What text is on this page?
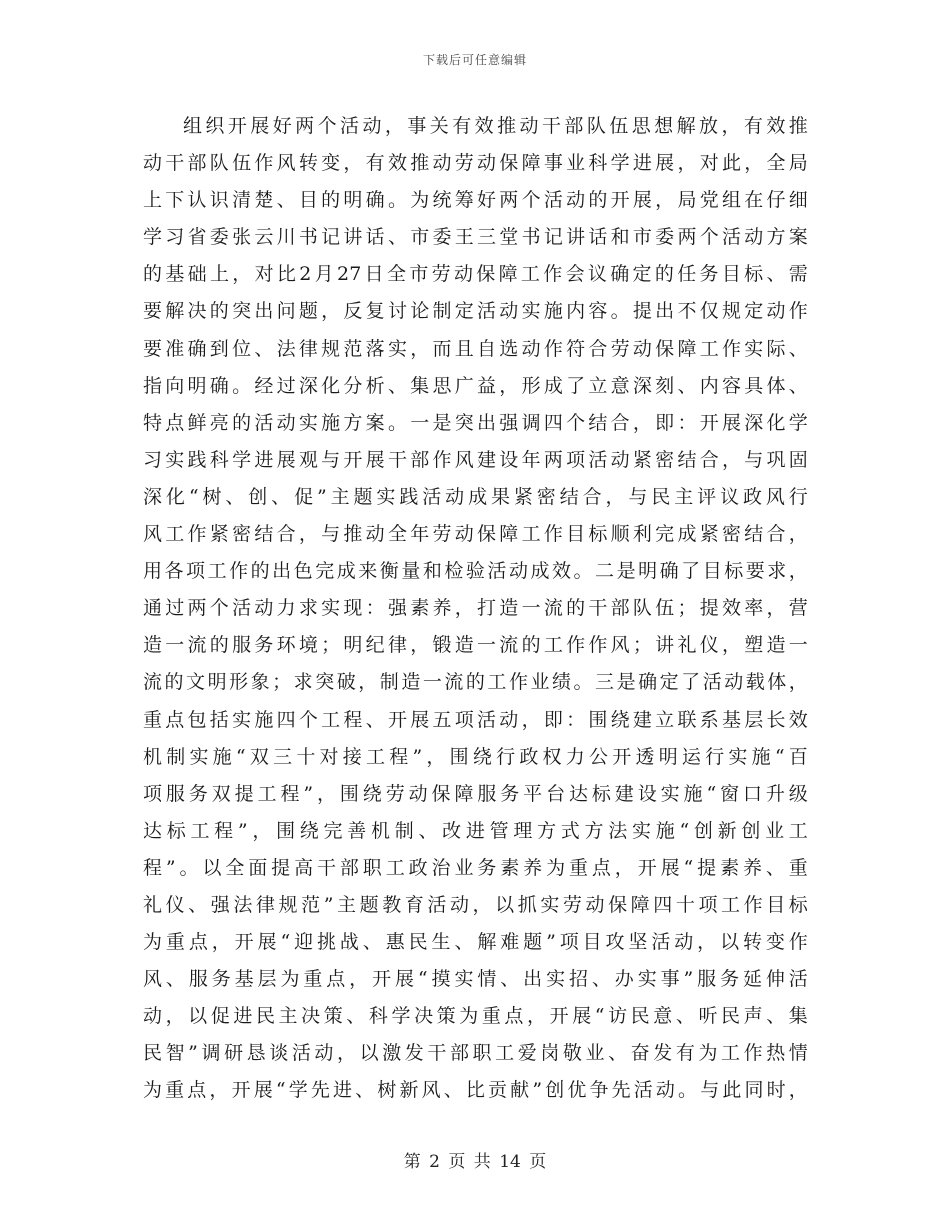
下载后可任意编辑
组织开展好两个活动，事关有效推动干部队伍思想解放，有效推
动干部队伍作风转变，有效推动劳动保障事业科学进展，对此，全局
上下认识清楚、目的明确。为统筹好两个活动的开展，局党组在仔细
学习省委张云川书记讲话、市委王三堂书记讲话和市委两个活动方案
的基础上，对比2月27日全市劳动保障工作会议确定的任务目标、需
要解决的突出问题，反复讨论制定活动实施内容。提出不仅规定动作
要准确到位、法律规范落实，而且自选动作符合劳动保障工作实际、
指向明确。经过深化分析、集思广益，形成了立意深刻、内容具体、
特点鲜亮的活动实施方案。一是突出强调四个结合，即：开展深化学
习实践科学进展观与开展干部作风建设年两项活动紧密结合，与巩固
深化“树、创、促”主题实践活动成果紧密结合，与民主评议政风行
风工作紧密结合，与推动全年劳动保障工作目标顺利完成紧密结合，
用各项工作的出色完成来衡量和检验活动成效。二是明确了目标要求，
通过两个活动力求实现：强素养，打造一流的干部队伍；提效率，营
造一流的服务环境；明纪律，锻造一流的工作作风；讲礼仪，塑造一
流的文明形象；求突破，制造一流的工作业绩。三是确定了活动载体，
重点包括实施四个工程、开展五项活动，即：围绕建立联系基层长效
机制实施“双三十对接工程”，围绕行政权力公开透明运行实施“百
项服务双提工程”，围绕劳动保障服务平台达标建设实施“窗口升级
达标工程”，围绕完善机制、改进管理方式方法实施“创新创业工
程”。以全面提高干部职工政治业务素养为重点，开展“提素养、重
礼仪、强法律规范”主题教育活动，以抓实劳动保障四十项工作目标
为重点，开展“迎挑战、惠民生、解难题”项目攻坚活动，以转变作
风、服务基层为重点，开展“摸实情、出实招、办实事”服务延伸活
动，以促进民主决策、科学决策为重点，开展“访民意、听民声、集
民智”调研恳谈活动，以激发干部职工爱岗敬业、奋发有为工作热情
为重点，开展“学先进、树新风、比贡献”创优争先活动。与此同时，
第 2 页 共 14 页
